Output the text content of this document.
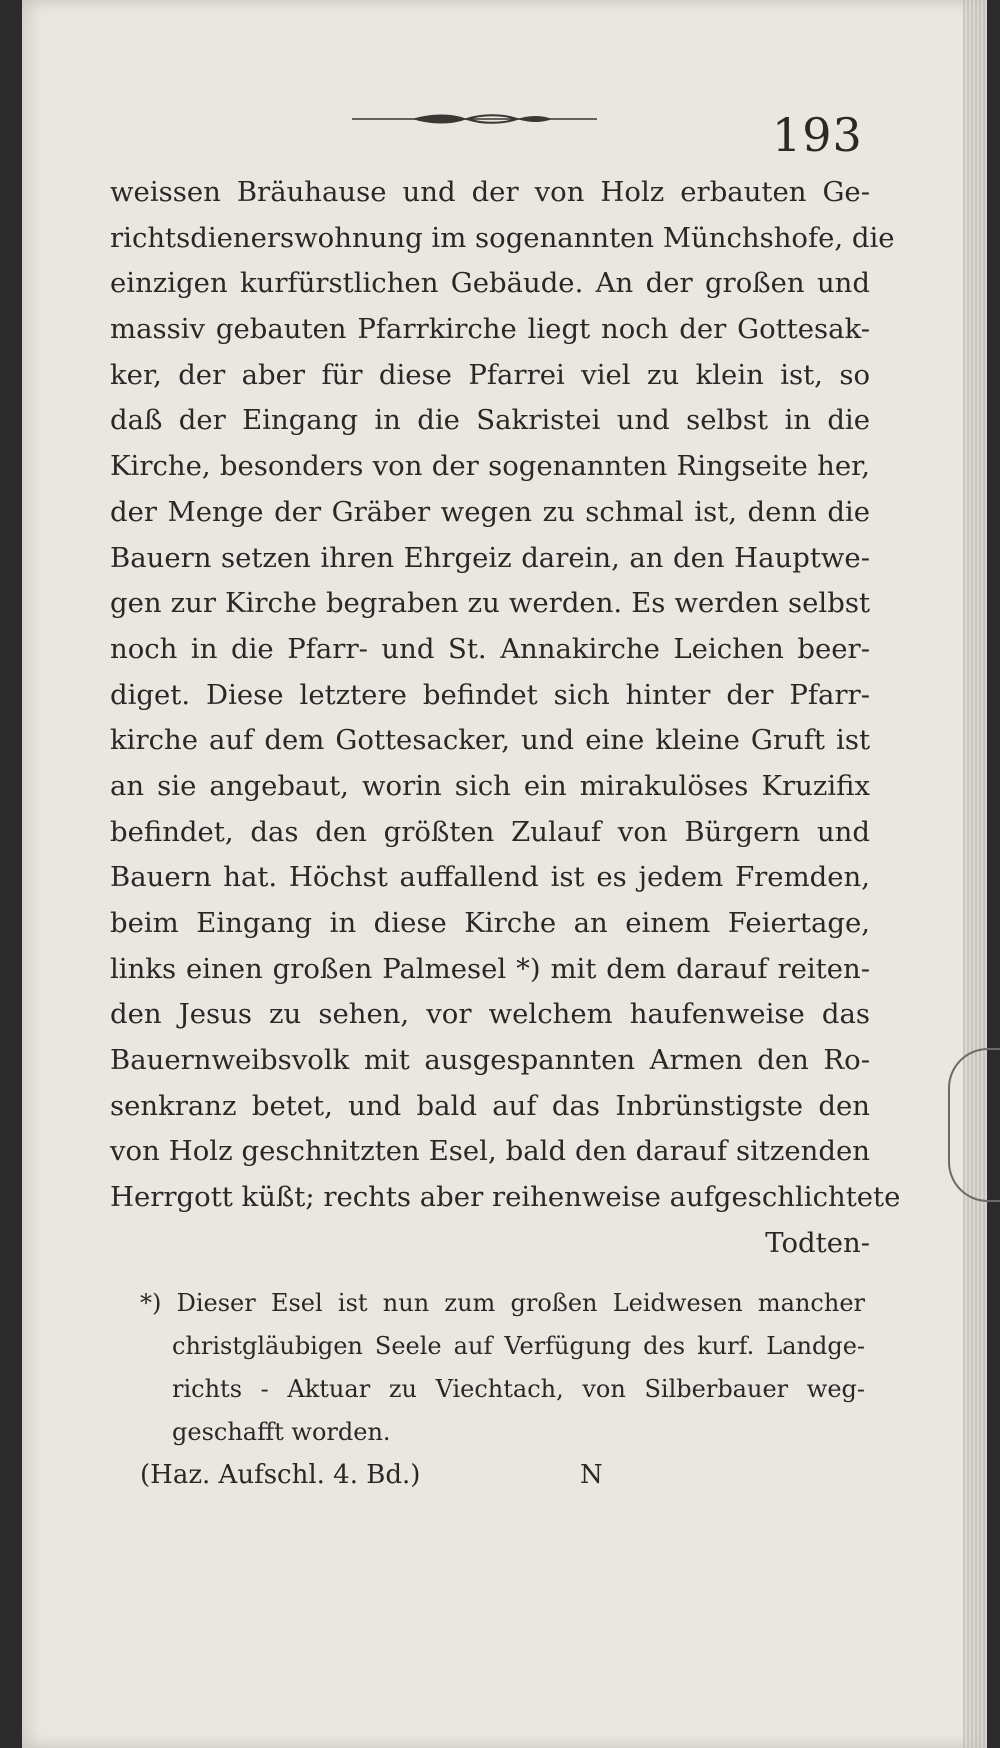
193
weissen Bräuhause und der von Holz erbauten Ge-
richtsdienerswohnung im sogenannten Münchshofe, die
einzigen kurfürstlichen Gebäude. An der großen und
massiv gebauten Pfarrkirche liegt noch der Gottesak-
ker, der aber für diese Pfarrei viel zu klein ist, so
daß der Eingang in die Sakristei und selbst in die
Kirche, besonders von der sogenannten Ringseite her,
der Menge der Gräber wegen zu schmal ist, denn die
Bauern setzen ihren Ehrgeiz darein, an den Hauptwe-
gen zur Kirche begraben zu werden. Es werden selbst
noch in die Pfarr- und St. Annakirche Leichen beer-
diget. Diese letztere befindet sich hinter der Pfarr-
kirche auf dem Gottesacker, und eine kleine Gruft ist
an sie angebaut, worin sich ein mirakulöses Kruzifix
befindet, das den größten Zulauf von Bürgern und
Bauern hat. Höchst auffallend ist es jedem Fremden,
beim Eingang in diese Kirche an einem Feiertage,
links einen großen Palmesel *) mit dem darauf reiten-
den Jesus zu sehen, vor welchem haufenweise das
Bauernweibsvolk mit ausgespannten Armen den Ro-
senkranz betet, und bald auf das Inbrünstigste den
von Holz geschnitzten Esel, bald den darauf sitzenden
Herrgott küßt; rechts aber reihenweise aufgeschlichtete
Todten-
*) Dieser Esel ist nun zum großen Leidwesen mancher
christgläubigen Seele auf Verfügung des kurf. Landge-
richts - Aktuar zu Viechtach, von Silberbauer weg-
geschafft worden.
(Haz. Aufschl. 4. Bd.)	N
